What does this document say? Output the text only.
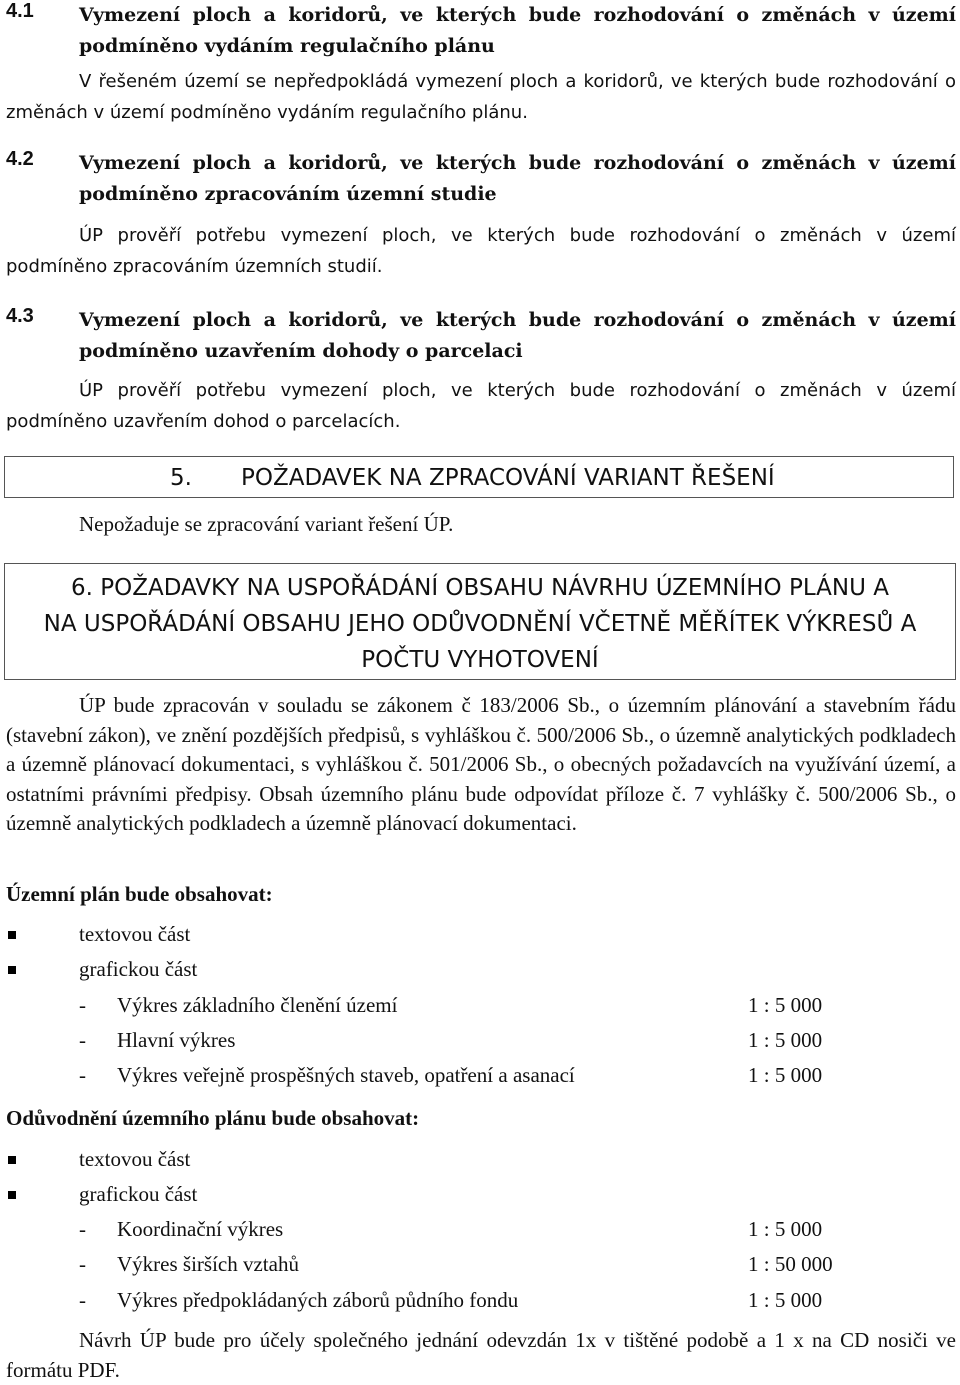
4.1 Vymezení ploch a koridorů, ve kterých bude rozhodování o změnách v území
podmíněno vydáním regulačního plánu
V řešeném území se nepředpokládá vymezení ploch a koridorů, ve kterých bude rozhodování o změnách v území podmíněno vydáním regulačního plánu.
4.2 Vymezení ploch a koridorů, ve kterých bude rozhodování o změnách v území
podmíněno zpracováním územní studie
ÚP prověří potřebu vymezení ploch, ve kterých bude rozhodování o změnách v území podmíněno zpracováním územních studií.
4.3 Vymezení ploch a koridorů, ve kterých bude rozhodování o změnách v území
podmíněno uzavřením dohody o parcelaci
ÚP prověří potřebu vymezení ploch, ve kterých bude rozhodování o změnách v území podmíněno uzavřením dohod o parcelacích.
5. POŽADAVEK NA ZPRACOVÁNÍ VARIANT ŘEŠENÍ
Nepožaduje se zpracování variant řešení ÚP.
6. POŽADAVKY NA USPOŘÁDÁNÍ OBSAHU NÁVRHU ÚZEMNÍHO PLÁNU A
NA USPOŘÁDÁNÍ OBSAHU JEHO ODŮVODNĚNÍ VČETNĚ MĚŘÍTEK VÝKRESŮ A
POČTU VYHOTOVENÍ
ÚP bude zpracován v souladu se zákonem č 183/2006 Sb., o územním plánování a stavebním řádu (stavební zákon), ve znění pozdějších předpisů, s vyhláškou č. 500/2006 Sb., o územně analytických podkladech a územně plánovací dokumentaci, s vyhláškou č. 501/2006 Sb., o obecných požadavcích na využívání území, a ostatními právními předpisy. Obsah územního plánu bude odpovídat příloze č. 7 vyhlášky č. 500/2006 Sb., o územně analytických podkladech a územně plánovací dokumentaci.
Územní plán bude obsahovat:
textovou část
grafickou část
- Výkres základního členění území	1 : 5 000
- Hlavní výkres	1 : 5 000
- Výkres veřejně prospěšných staveb, opatření a asanací	1 : 5 000
Odůvodnění územního plánu bude obsahovat:
textovou část
grafickou část
- Koordinační výkres	1 : 5 000
- Výkres širších vztahů	1 : 50 000
- Výkres předpokládaných záborů půdního fondu	1 : 5 000
Návrh ÚP bude pro účely společného jednání odevzdán 1x v tištěné podobě a 1 x na CD nosiči ve formátu PDF.
